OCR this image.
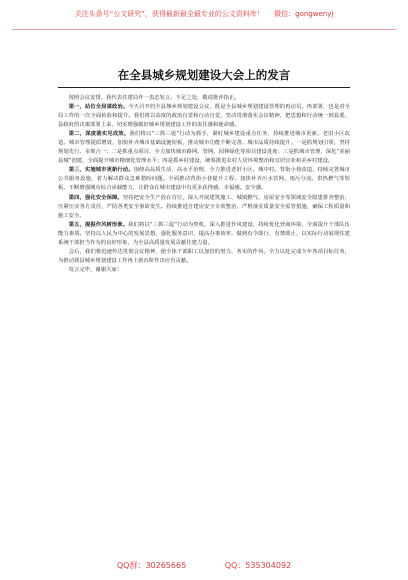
关注头条号“公文研究”，获得最新最全最专业的公文资料库！ 微信：gongwenyj
在全县城乡规划建设大会上的发言

按照会议安排，我代表住建局作一表态发言。不足之处，敬请批评指正。

第一，站位全局谋政治。今天召开的全县城乡规划建设会议，既是全县城乡规划建设管理的再动员、再部署，也是对全局工作的一次全面检验和提升。我们将以高度的政治自觉和行动自觉，坚决贯彻落实会议精神，把思想和行动统一到县委、县政府的决策部署上来，切实增强做好城乡规划建设工作的责任感和使命感。

第二，深度落实见成效。我们将以“三抓三促”行动为抓手，紧盯城乡建设重点任务，持续推进城市更新、老旧小区改造、城市管理提质增效，加快补齐城市基础设施短板，推动城市功能不断完善、城市品质持续提升。一是抓规划引领，坚持规划先行、多规合一；二是抓重点项目，全力加快城市路网、管网、园林绿化等项目建设进度；三是抓城市管理，深化“美丽县城”创建，全面提升城市精细化管理水平；四是抓乡村建设，统筹推进农村人居环境整治和宜居宜业和美乡村建设。

第三，实施城市更新行动。围绕高品质生活、高水平治理，全力推进老旧小区、城中村、背街小巷改造，持续完善城市公共服务设施，着力解决群众急难愁盼问题。全面推动背街小巷提升工程，加快补齐污水管网、雨污分流、供热燃气等短板，不断增强城市综合承载能力，让群众在城市建设中有更多获得感、幸福感、安全感。

第四，强化安全保障。坚持把安全生产放在首位，深入开展建筑施工、城镇燃气、房屋安全等领域安全隐患排查整治，压紧压实各方责任，严防各类安全事故发生。持续推进自建房安全专项整治，严格落实质量安全监管措施，确保工程质量和施工安全。

第五，提振作风树形象。我们将以“三抓三促”行动为契机，深入推进作风建设，持续优化营商环境，全面提升干部队伍能力素质。坚持以人民为中心的发展思想，强化服务意识，提高办事效率，做到有令即行、有禁即止，以实际行动展现住建系统干部担当作为的良好形象，为全县高质量发展贡献住建力量。

会后，我们将迅速传达贯彻会议精神，使全体干部职工以加倍的努力、务实的作风，全力以赴完成全年各项目标任务，为推动我县城乡规划建设工作再上新台阶作出应有贡献。

发言完毕，谢谢大家！

QQ群：30265665	QQ：535304092
